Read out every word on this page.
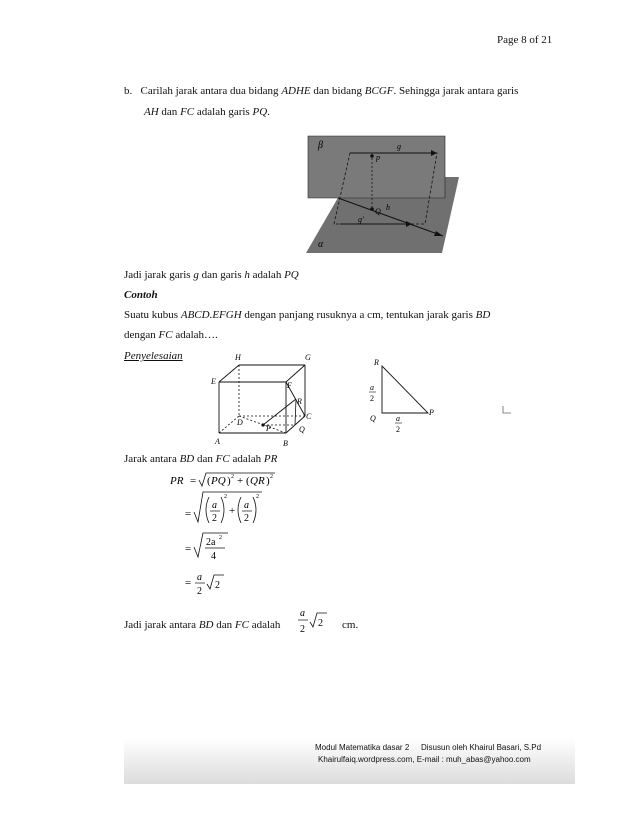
Page 8 of 21
b. Carilah jarak antara dua bidang ADHE dan bidang BCGF. Sehingga jarak antara garis
AH dan FC adalah garis PQ.
β	g
p
Q h
g'
α
Jadi jarak garis g dan garis h adalah PQ
Contoh
Suatu kubus ABCD.EFGH dengan panjang rusuknya a cm, tentukan jarak garis BD
dengan FC adalah….
Penyelesaian	H	G
E	F
R
C
D
P	Q
A	B
R
Q
P
a
2
a
2
Jarak antara BD dan FC adalah PR
PR = ( PQ ) 2 + ( QR ) 2
=
a
2
2
+ a
2
2
=
2a 2
4
= a
2
2
Jadi jarak antara BD dan FC adalah
a
2
2 cm.
Modul Matematika dasar 2 Disusun oleh Khairul Basari, S.Pd
Khairulfaiq.wordpress.com, E-mail : muh_abas@yahoo.com
